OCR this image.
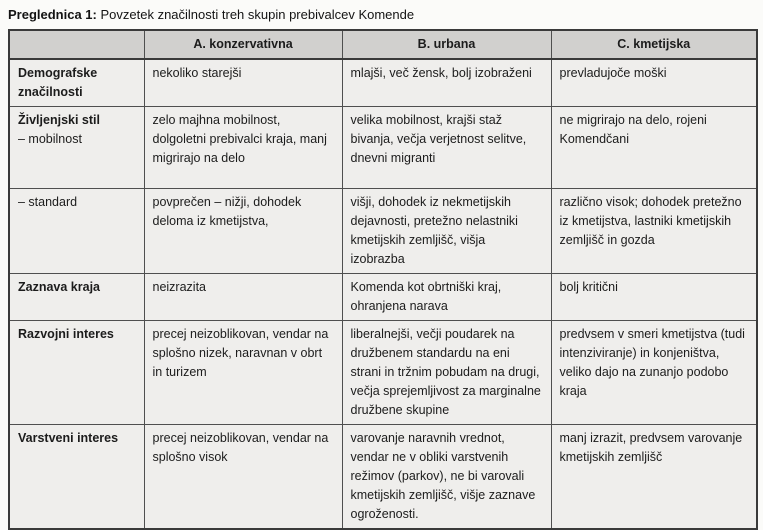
Preglednica 1: Povzetek značilnosti treh skupin prebivalcev Komende
	A. konzervativna	B. urbana	C. kmetijska
Demografske značilnosti	nekoliko starejši	mlajši, več žensk, bolj izobraženi	prevladujoče moški
Življenjski stil
– mobilnost	zelo majhna mobilnost, dolgoletni prebivalci kraja, manj migrirajo na delo	velika mobilnost, krajši staž bivanja, večja verjetnost selitve, dnevni migranti	ne migrirajo na delo, rojeni Komendčani

– standard	povprečen – nižji, dohodek deloma iz kmetijstva,	višji, dohodek iz nekmetijskih dejavnosti, pretežno nelastniki kmetijskih zemljišč, višja izobrazba	različno visok; dohodek pretežno iz kmetijstva, lastniki kmetijskih zemljišč in gozda
Zaznava kraja	neizrazita	Komenda kot obrtniški kraj, ohranjena narava	bolj kritični
Razvojni interes	precej neizoblikovan, vendar na splošno nizek, naravnan v obrt in turizem	liberalnejši, večji poudarek na družbenem standardu na eni strani in tržnim pobudam na drugi, večja sprejemljivost za marginalne družbene skupine	predvsem v smeri kmetijstva (tudi intenziviranje) in konjeništva, veliko dajo na zunanjo podobo kraja
Varstveni interes	precej neizoblikovan, vendar na splošno visok	varovanje naravnih vrednot, vendar ne v obliki varstvenih režimov (parkov), ne bi varovali kmetijskih zemljišč, višje zaznave ogroženosti.	manj izrazit, predvsem varovanje kmetijskih zemljišč
